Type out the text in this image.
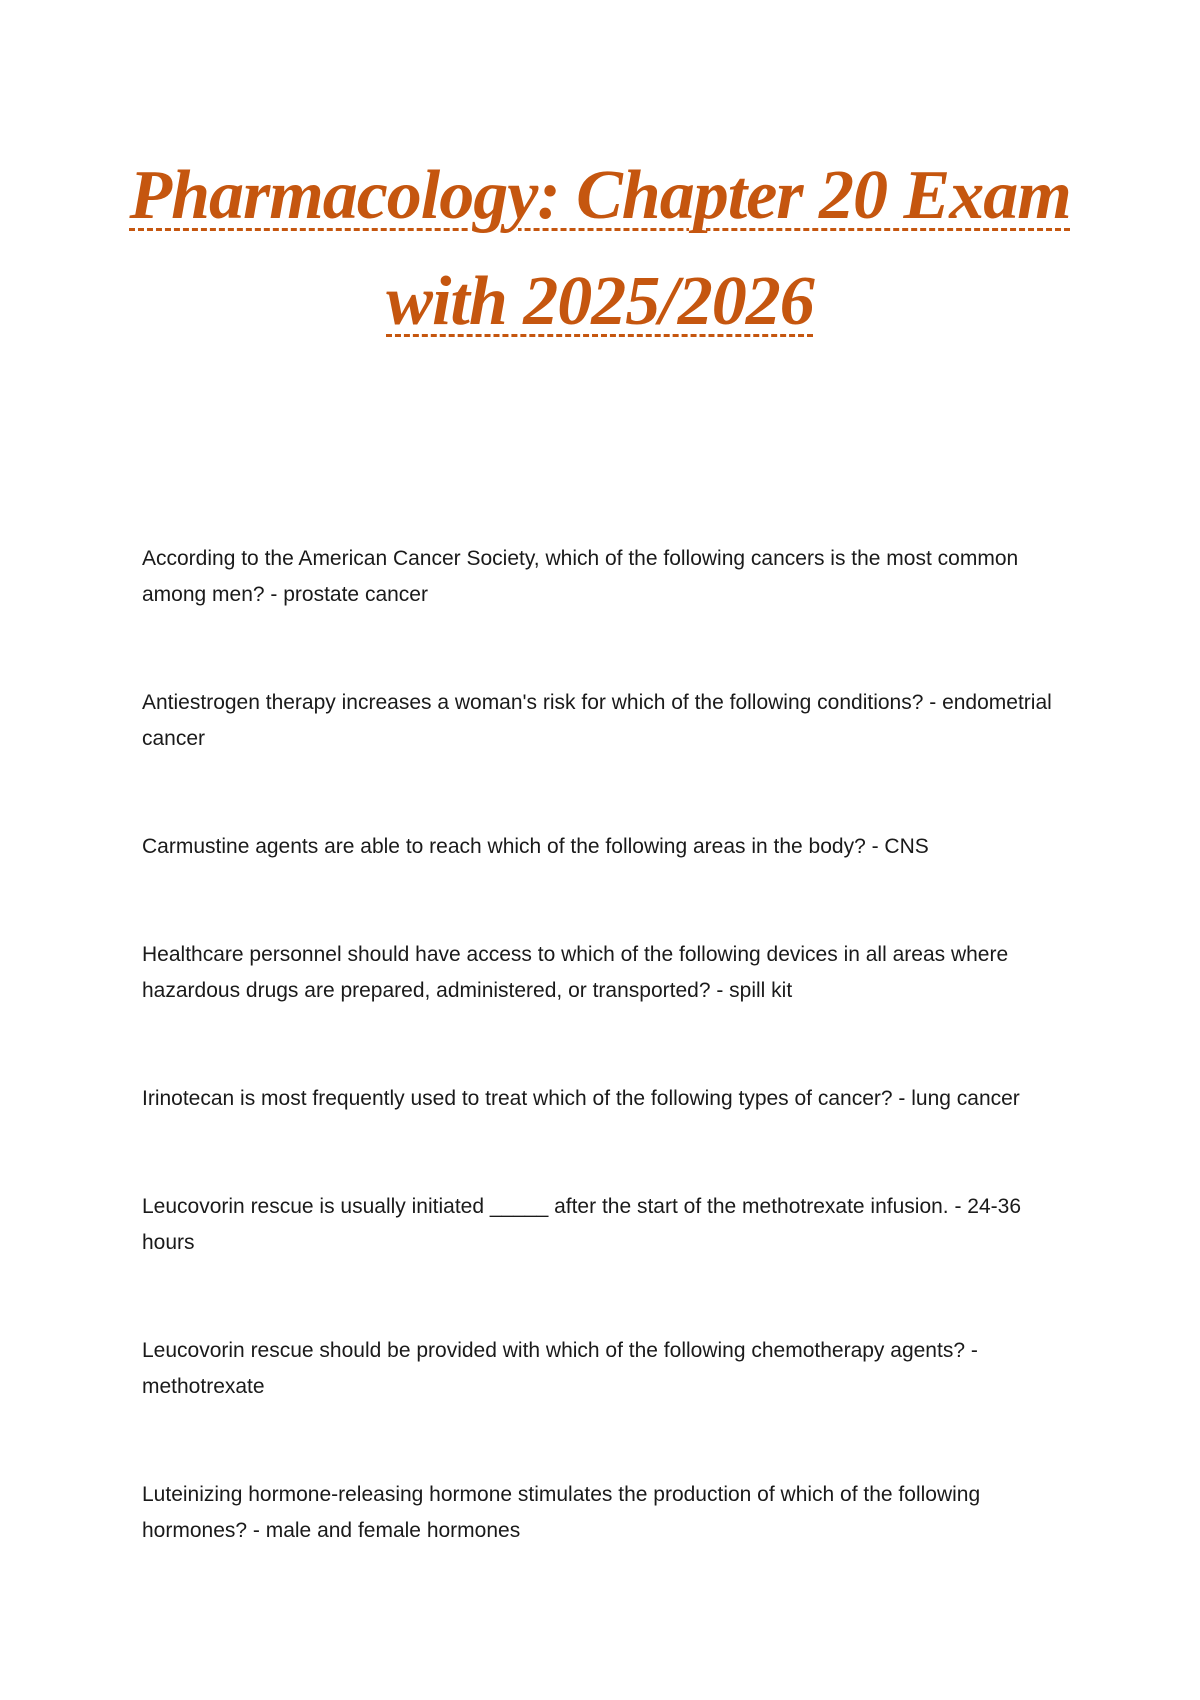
Pharmacology: Chapter 20 Exam
with 2025/2026
According to the American Cancer Society, which of the following cancers is the most common among men? - prostate cancer
Antiestrogen therapy increases a woman's risk for which of the following conditions? - endometrial cancer
Carmustine agents are able to reach which of the following areas in the body? - CNS
Healthcare personnel should have access to which of the following devices in all areas where hazardous drugs are prepared, administered, or transported? - spill kit
Irinotecan is most frequently used to treat which of the following types of cancer? - lung cancer
Leucovorin rescue is usually initiated _____ after the start of the methotrexate infusion. - 24-36 hours
Leucovorin rescue should be provided with which of the following chemotherapy agents? - methotrexate
Luteinizing hormone-releasing hormone stimulates the production of which of the following hormones? - male and female hormones
